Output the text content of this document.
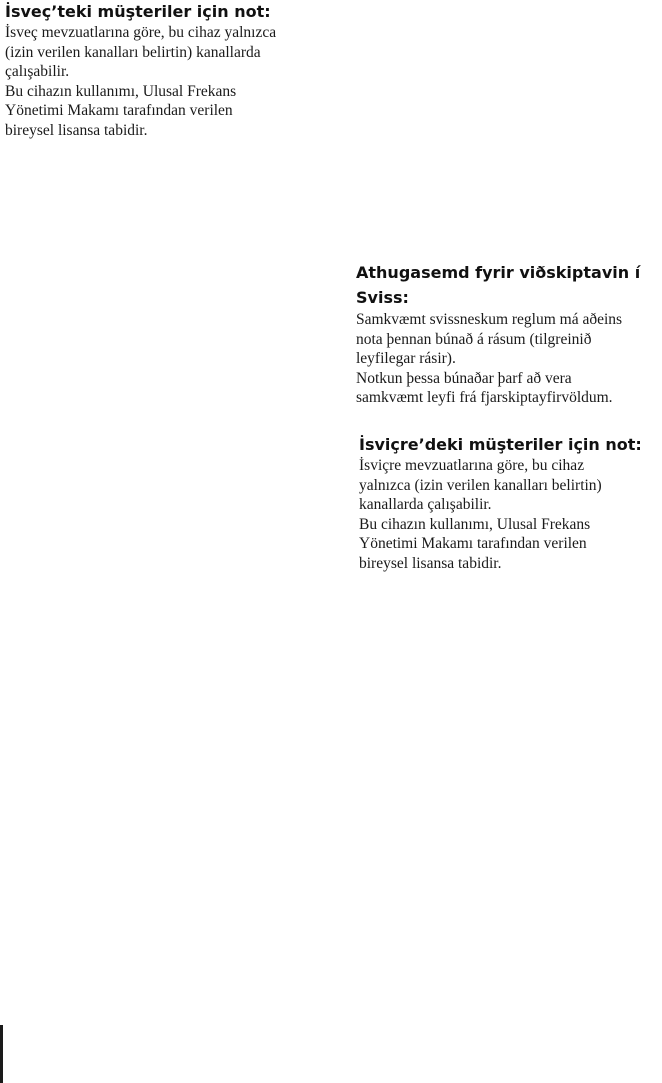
İsveç’teki müşteriler için not:

İsveç mevzuatlarına göre, bu cihaz yalnızca
(izin verilen kanalları belirtin) kanallarda
çalışabilir.
Bu cihazın kullanımı, Ulusal Frekans
Yönetimi Makamı tarafından verilen
bireysel lisansa tabidir.

Athugasemd fyrir viðskiptavin í
Sviss:

Samkvæmt svissneskum reglum má aðeins
nota þennan búnað á rásum (tilgreinið
leyfilegar rásir).
Notkun þessa búnaðar þarf að vera
samkvæmt leyfi frá fjarskiptayfirvöldum.

İsviçre’deki müşteriler için not:

İsviçre mevzuatlarına göre, bu cihaz
yalnızca (izin verilen kanalları belirtin)
kanallarda çalışabilir.
Bu cihazın kullanımı, Ulusal Frekans
Yönetimi Makamı tarafından verilen
bireysel lisansa tabidir.
